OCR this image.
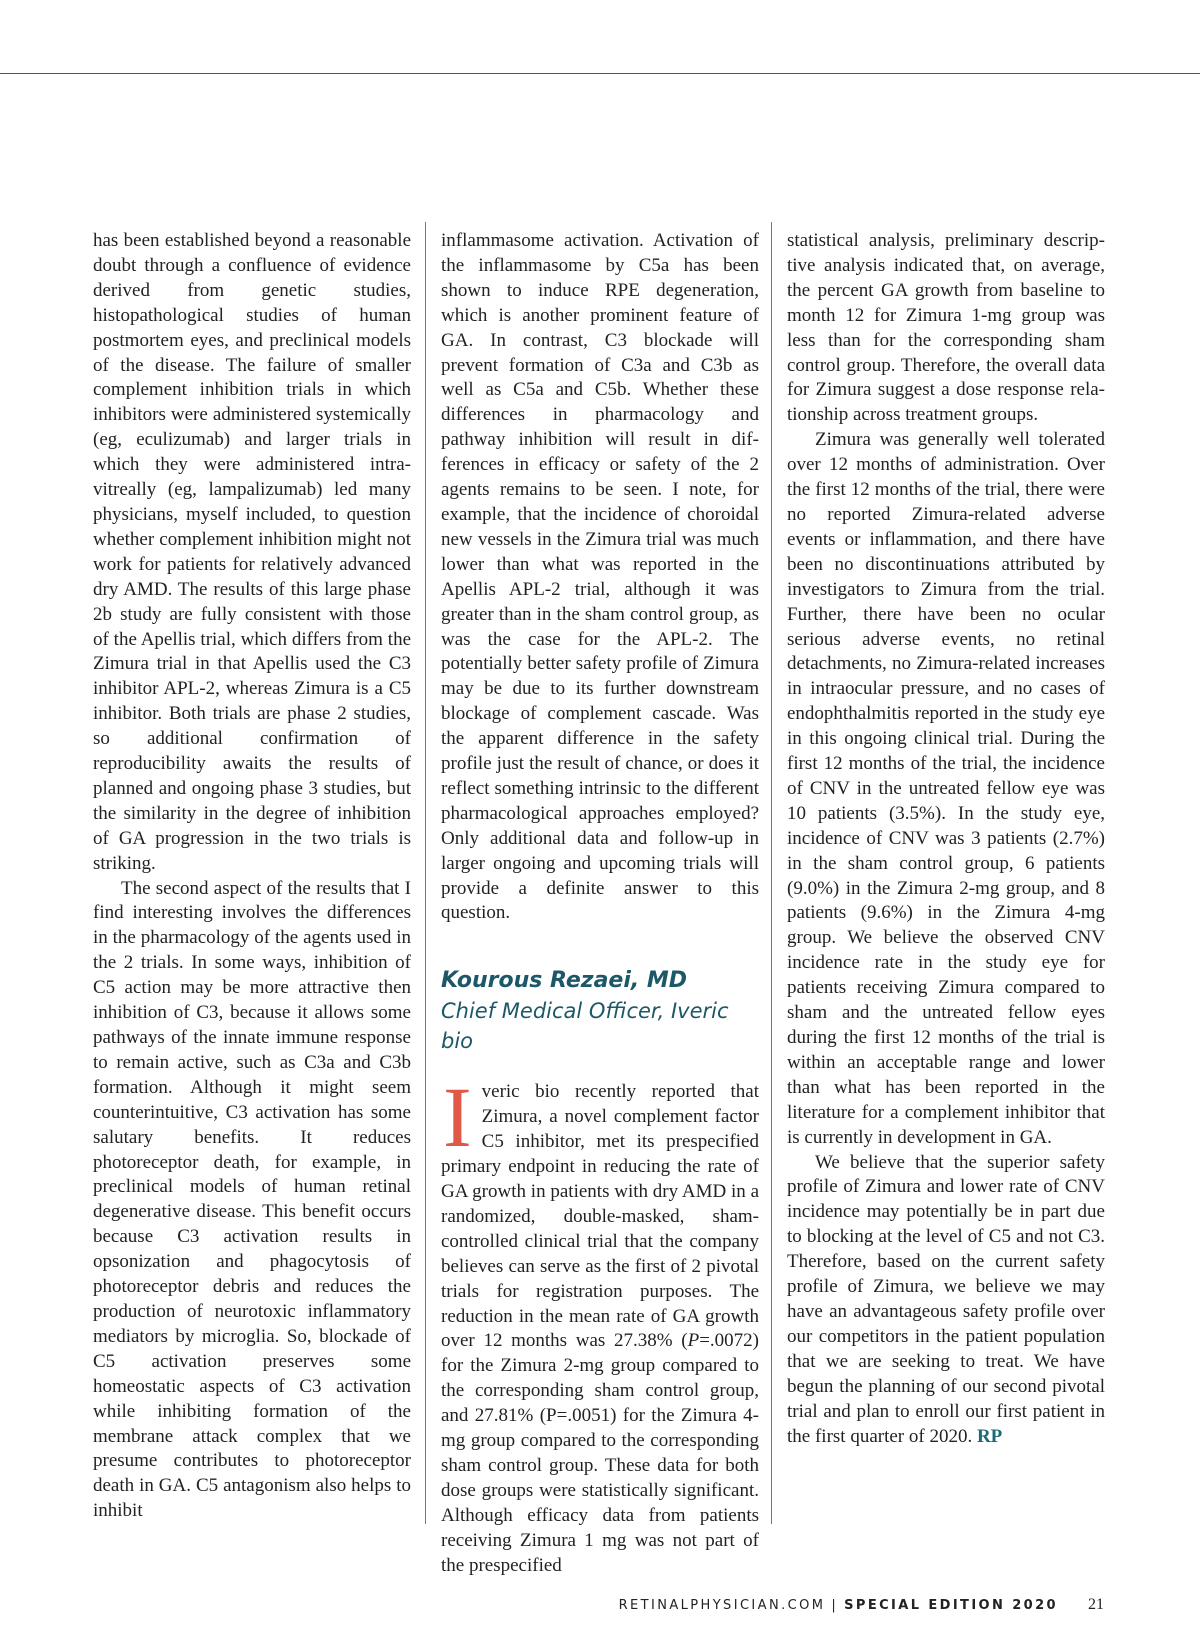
has been established beyond a reasonable doubt through a confluence of evidence derived from genetic studies, histopathological studies of human postmortem eyes, and preclinical models of the disease. The failure of smaller complement inhibition trials in which inhibitors were administered systemically (eg, eculizumab) and larger trials in which they were administered intravitreally (eg, lampalizumab) led many physicians, myself included, to question whether complement inhibition might not work for patients for relatively advanced dry AMD. The results of this large phase 2b study are fully consistent with those of the Apellis trial, which differs from the Zimura trial in that Apellis used the C3 inhibitor APL-2, whereas Zimura is a C5 inhibitor. Both trials are phase 2 studies, so additional confirmation of reproducibility awaits the results of planned and ongoing phase 3 studies, but the similarity in the degree of inhibition of GA progression in the two trials is striking.

The second aspect of the results that I find interesting involves the differences in the pharmacology of the agents used in the 2 trials. In some ways, inhibition of C5 action may be more attractive then inhibition of C3, because it allows some pathways of the innate immune response to remain active, such as C3a and C3b formation. Although it might seem counterintuitive, C3 activation has some salutary benefits. It reduces photoreceptor death, for example, in preclinical models of human retinal degenerative disease. This benefit occurs because C3 activation results in opsonization and phagocytosis of photoreceptor debris and reduces the production of neurotoxic inflammatory mediators by microglia. So, blockade of C5 activation preserves some homeostatic aspects of C3 activation while inhibiting formation of the membrane attack complex that we presume contributes to photoreceptor death in GA. C5 antagonism also helps to inhibit

inflammasome activation. Activation of the inflammasome by C5a has been shown to induce RPE degeneration, which is another prominent feature of GA. In contrast, C3 blockade will prevent formation of C3a and C3b as well as C5a and C5b. Whether these differences in pharmacology and pathway inhibition will result in differences in efficacy or safety of the 2 agents remains to be seen. I note, for example, that the incidence of choroidal new vessels in the Zimura trial was much lower than what was reported in the Apellis APL-2 trial, although it was greater than in the sham control group, as was the case for the APL-2. The potentially better safety profile of Zimura may be due to its further downstream blockage of complement cascade. Was the apparent difference in the safety profile just the result of chance, or does it reflect something intrinsic to the different pharmacological approaches employed? Only additional data and follow-up in larger ongoing and upcoming trials will provide a definite answer to this question.

Kourous Rezaei, MD
Chief Medical Officer, Iveric bio

Iveric bio recently reported that Zimura, a novel complement factor C5 inhibitor, met its prespecified primary endpoint in reducing the rate of GA growth in patients with dry AMD in a randomized, double-masked, sham-controlled clinical trial that the company believes can serve as the first of 2 pivotal trials for registration purposes. The reduction in the mean rate of GA growth over 12 months was 27.38% (P=.0072) for the Zimura 2-mg group compared to the corresponding sham control group, and 27.81% (P=.0051) for the Zimura 4-mg group compared to the corresponding sham control group. These data for both dose groups were statistically significant. Although efficacy data from patients receiving Zimura 1 mg was not part of the prespecified

statistical analysis, preliminary descriptive analysis indicated that, on average, the percent GA growth from baseline to month 12 for Zimura 1-mg group was less than for the corresponding sham control group. Therefore, the overall data for Zimura suggest a dose response relationship across treatment groups.

Zimura was generally well tolerated over 12 months of administration. Over the first 12 months of the trial, there were no reported Zimura-related adverse events or inflammation, and there have been no discontinuations attributed by investigators to Zimura from the trial. Further, there have been no ocular serious adverse events, no retinal detachments, no Zimura-related increases in intraocular pressure, and no cases of endophthalmitis reported in the study eye in this ongoing clinical trial. During the first 12 months of the trial, the incidence of CNV in the untreated fellow eye was 10 patients (3.5%). In the study eye, incidence of CNV was 3 patients (2.7%) in the sham control group, 6 patients (9.0%) in the Zimura 2-mg group, and 8 patients (9.6%) in the Zimura 4-mg group. We believe the observed CNV incidence rate in the study eye for patients receiving Zimura compared to sham and the untreated fellow eyes during the first 12 months of the trial is within an acceptable range and lower than what has been reported in the literature for a complement inhibitor that is currently in development in GA.

We believe that the superior safety profile of Zimura and lower rate of CNV incidence may potentially be in part due to blocking at the level of C5 and not C3. Therefore, based on the current safety profile of Zimura, we believe we may have an advantageous safety profile over our competitors in the patient population that we are seeking to treat. We have begun the planning of our second pivotal trial and plan to enroll our first patient in the first quarter of 2020. RP

RETINALPHYSICIAN.COM | SPECIAL EDITION 2020 21
